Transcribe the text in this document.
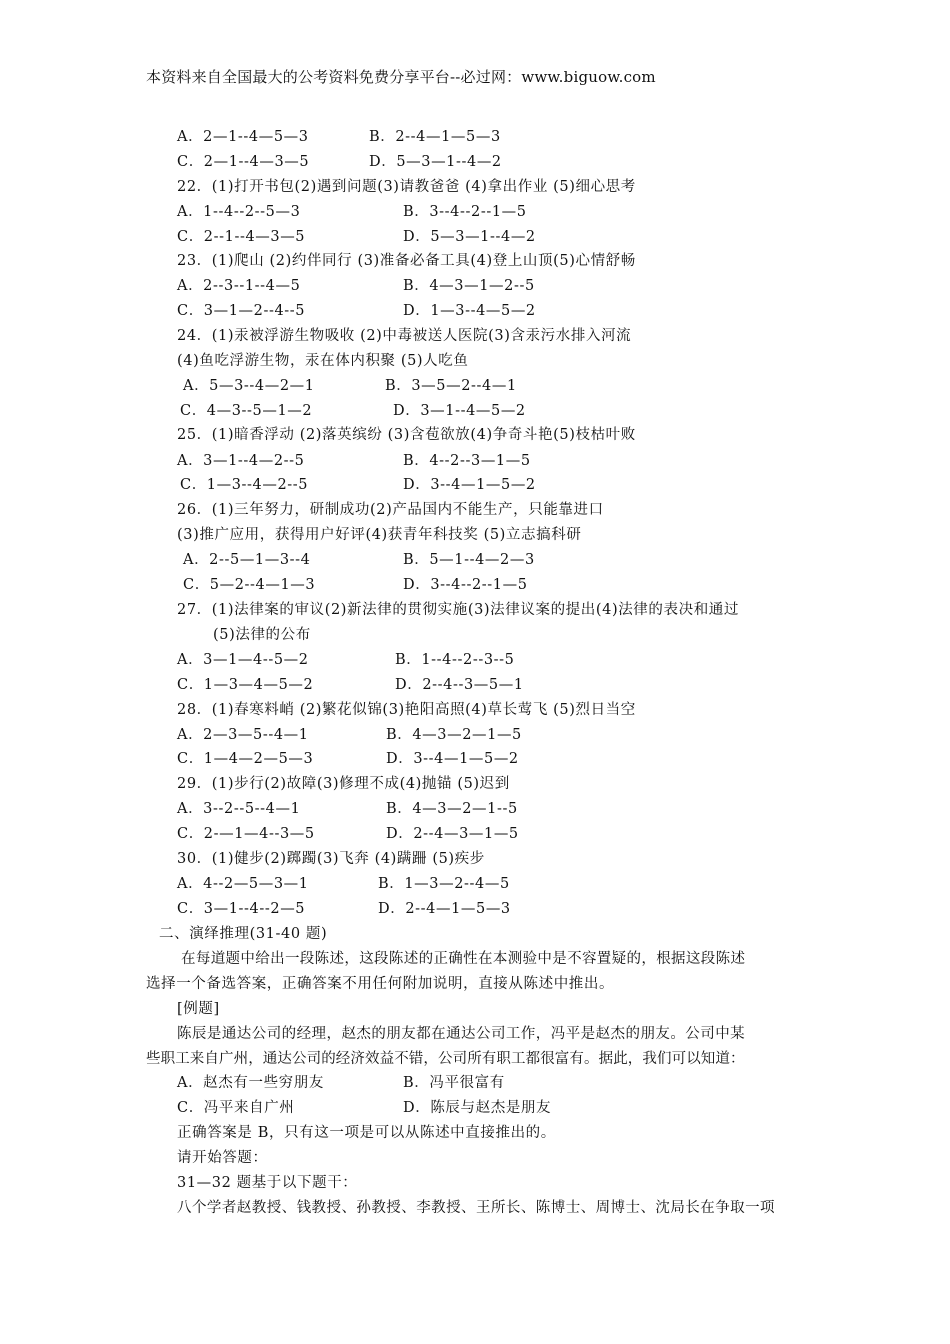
本资料来自全国最大的公考资料免费分享平台--必过网：www.biguow.com
A．2—1--4—5—3	B．2--4—1—5—3
C．2—1--4—3—5	D．5—3—1--4—2
22．(1)打开书包(2)遇到问题(3)请教爸爸 (4)拿出作业 (5)细心思考
A．1--4--2--5—3	B．3--4--2--1—5
C．2--1--4—3—5	D．5—3—1--4—2
23．(1)爬山 (2)约伴同行 (3)准备必备工具(4)登上山顶(5)心情舒畅
A．2--3--1--4—5	B．4—3—1—2--5
C．3—1—2--4--5	D．1—3--4—5—2
24．(1)汞被浮游生物吸收 (2)中毒被送人医院(3)含汞污水排入河流
(4)鱼吃浮游生物，汞在体内积聚 (5)人吃鱼
A．5—3--4—2—1	B．3—5—2--4—1
C．4—3--5—1—2	D．3—1--4—5—2
25．(1)暗香浮动 (2)落英缤纷 (3)含苞欲放(4)争奇斗艳(5)枝枯叶败
A．3—1--4—2--5	B．4--2--3—1—5
C．1—3--4—2--5	D．3--4—1—5—2
26．(1)三年努力，研制成功(2)产品国内不能生产，只能靠进口
(3)推广应用，获得用户好评(4)获青年科技奖 (5)立志搞科研
A．2--5—1—3--4	B．5—1--4—2—3
C．5—2--4—1—3	D．3--4--2--1—5
27．(1)法律案的审议(2)新法律的贯彻实施(3)法律议案的提出(4)法律的表决和通过
(5)法律的公布
A．3—1—4--5—2	B．1--4--2--3--5
C．1—3—4—5—2	D．2--4--3—5—1
28．(1)春寒料峭 (2)繁花似锦(3)艳阳高照(4)草长莺飞 (5)烈日当空
A．2—3—5--4—1	B．4—3—2—1—5
C．1—4—2—5—3	D．3--4—1—5—2
29．(1)步行(2)故障(3)修理不成(4)抛锚 (5)迟到
A．3--2--5--4—1	B．4—3—2—1--5
C．2-—1—4--3—5	D．2--4—3—1—5
30．(1)健步(2)踯躅(3)飞奔 (4)蹒跚 (5)疾步
A．4--2—5—3—1	B．1—3—2--4—5
C．3—1--4--2—5	D．2--4—1—5—3
二、演绎推理(31-40 题)
在每道题中给出一段陈述，这段陈述的正确性在本测验中是不容置疑的，根据这段陈述
选择一个备选答案，正确答案不用任何附加说明，直接从陈述中推出。
[例题]
陈辰是通达公司的经理，赵杰的朋友都在通达公司工作，冯平是赵杰的朋友。公司中某
些职工来自广州，通达公司的经济效益不错，公司所有职工都很富有。据此，我们可以知道：
A．赵杰有一些穷朋友	B．冯平很富有
C．冯平来自广州	D．陈辰与赵杰是朋友
正确答案是 B，只有这一项是可以从陈述中直接推出的。
请开始答题：
31—32 题基于以下题干：
八个学者赵教授、钱教授、孙教授、李教授、王所长、陈博士、周博士、沈局长在争取一项
